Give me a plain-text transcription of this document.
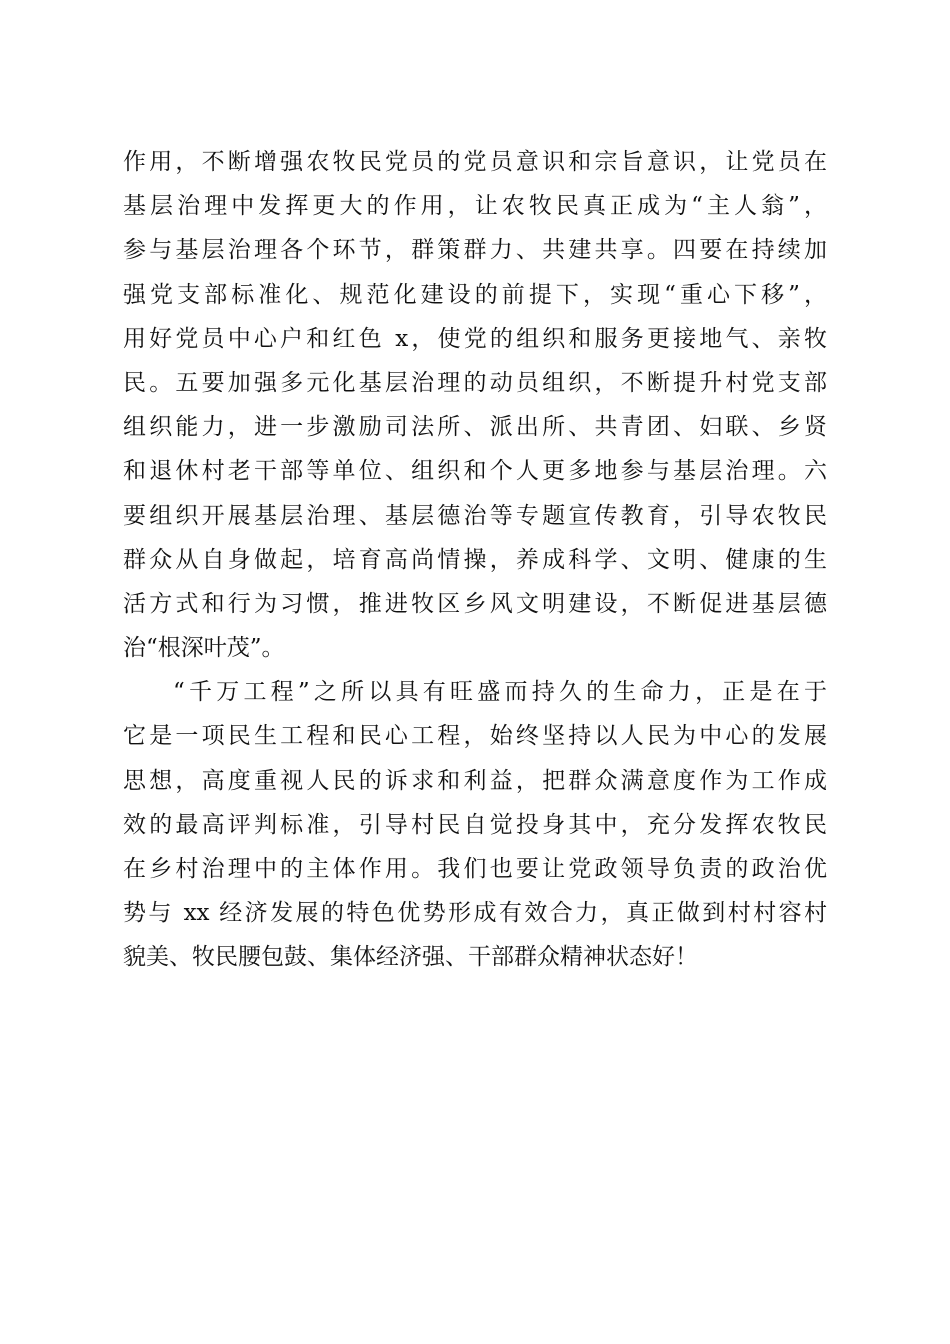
作用，不断增强农牧民党员的党员意识和宗旨意识，让党员在
基层治理中发挥更大的作用，让农牧民真正成为“主人翁”，
参与基层治理各个环节，群策群力、共建共享。四要在持续加
强党支部标准化、规范化建设的前提下，实现“重心下移”，
用好党员中心户和红色 x，使党的组织和服务更接地气、亲牧
民。五要加强多元化基层治理的动员组织，不断提升村党支部
组织能力，进一步激励司法所、派出所、共青团、妇联、乡贤
和退休村老干部等单位、组织和个人更多地参与基层治理。六
要组织开展基层治理、基层德治等专题宣传教育，引导农牧民
群众从自身做起，培育高尚情操，养成科学、文明、健康的生
活方式和行为习惯，推进牧区乡风文明建设，不断促进基层德
治“根深叶茂”。
“千万工程”之所以具有旺盛而持久的生命力，正是在于
它是一项民生工程和民心工程，始终坚持以人民为中心的发展
思想，高度重视人民的诉求和利益，把群众满意度作为工作成
效的最高评判标准，引导村民自觉投身其中，充分发挥农牧民
在乡村治理中的主体作用。我们也要让党政领导负责的政治优
势与 xx 经济发展的特色优势形成有效合力，真正做到村村容村
貌美、牧民腰包鼓、集体经济强、干部群众精神状态好！
